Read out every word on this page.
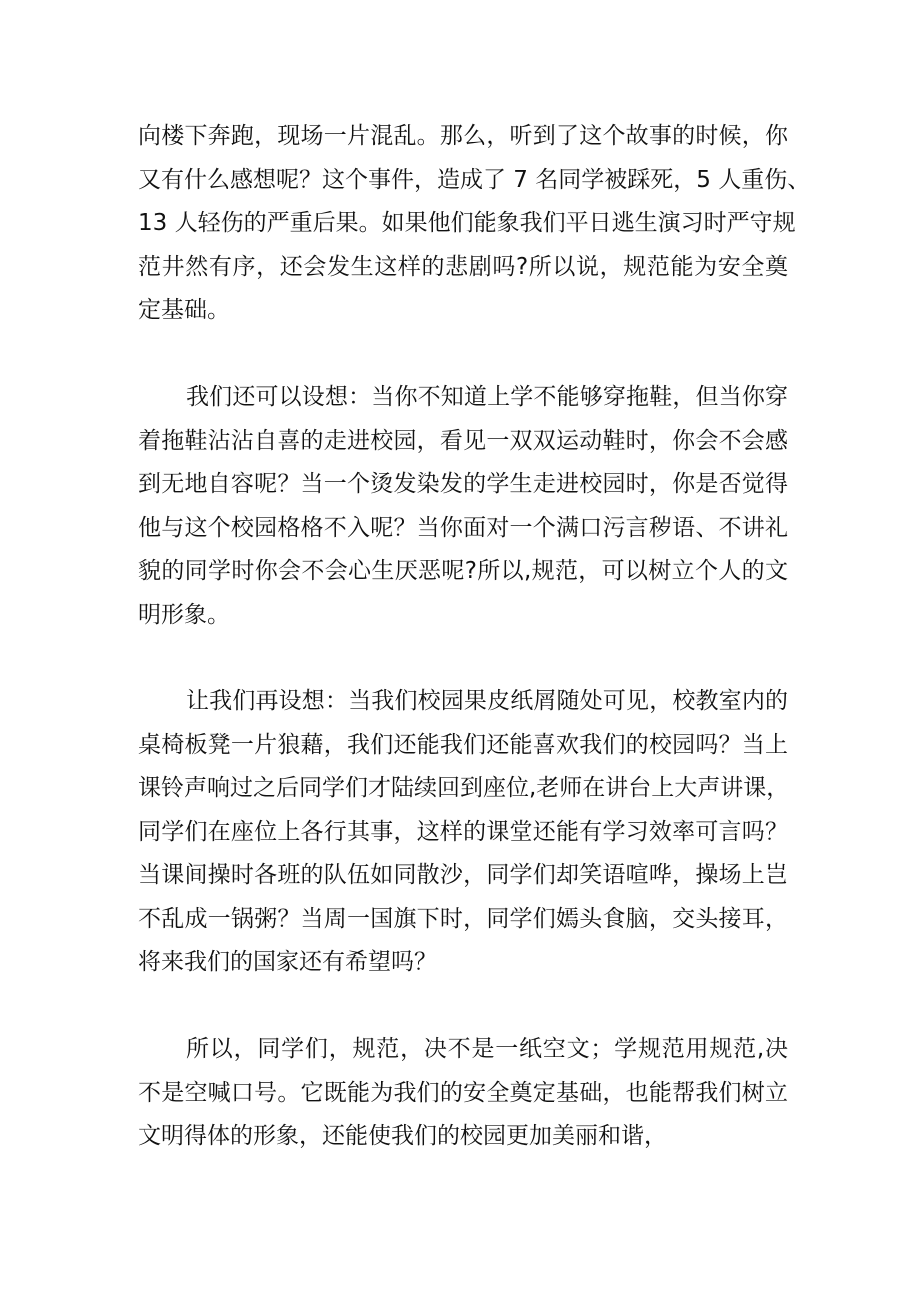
向楼下奔跑，现场一片混乱。那么，听到了这个故事的时候，你
又有什么感想呢？这个事件，造成了 7 名同学被踩死，5 人重伤、
13 人轻伤的严重后果。如果他们能象我们平日逃生演习时严守规
范井然有序，还会发生这样的悲剧吗?所以说，规范能为安全奠
定基础。

我们还可以设想：当你不知道上学不能够穿拖鞋，但当你穿
着拖鞋沾沾自喜的走进校园，看见一双双运动鞋时，你会不会感
到无地自容呢？当一个烫发染发的学生走进校园时，你是否觉得
他与这个校园格格不入呢？当你面对一个满口污言秽语、不讲礼
貌的同学时你会不会心生厌恶呢?所以,规范，可以树立个人的文
明形象。

让我们再设想：当我们校园果皮纸屑随处可见，校教室内的
桌椅板凳一片狼藉，我们还能我们还能喜欢我们的校园吗？当上
课铃声响过之后同学们才陆续回到座位,老师在讲台上大声讲课，
同学们在座位上各行其事，这样的课堂还能有学习效率可言吗？
当课间操时各班的队伍如同散沙，同学们却笑语喧哗，操场上岂
不乱成一锅粥？当周一国旗下时，同学们嫣头食脑，交头接耳，
将来我们的国家还有希望吗？

所以，同学们，规范，决不是一纸空文；学规范用规范,决
不是空喊口号。它既能为我们的安全奠定基础，也能帮我们树立
文明得体的形象，还能使我们的校园更加美丽和谐，
